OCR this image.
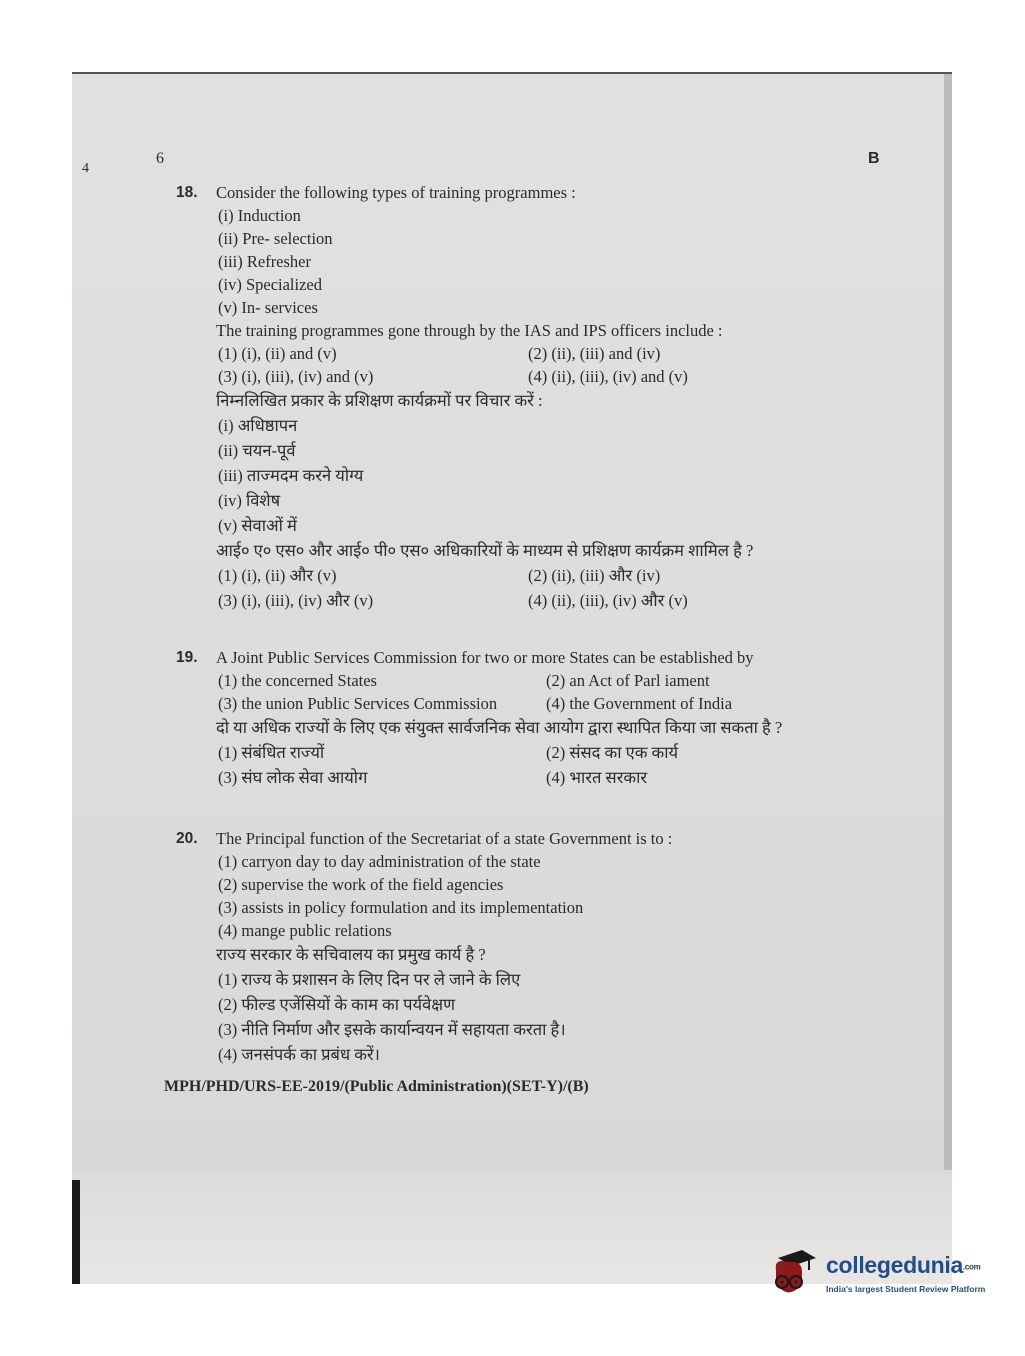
4
6	B
18. Consider the following types of training programmes :
(i) Induction
(ii) Pre- selection
(iii) Refresher
(iv) Specialized
(v) In- services
The training programmes gone through by the IAS and IPS officers include :
(1) (i), (ii) and (v)	(2) (ii), (iii) and (iv)
(3) (i), (iii), (iv) and (v)	(4) (ii), (iii), (iv) and (v)
निम्नलिखित प्रकार के प्रशिक्षण कार्यक्रमों पर विचार करें :
(i) अधिष्ठापन
(ii) चयन-पूर्व
(iii) ताज्मदम करने योग्य
(iv) विशेष
(v) सेवाओं में
आई० ए० एस० और आई० पी० एस० अधिकारियों के माध्यम से प्रशिक्षण कार्यक्रम शामिल है ?
(1) (i), (ii) और (v)	(2) (ii), (iii) और (iv)
(3) (i), (iii), (iv) और (v)	(4) (ii), (iii), (iv) और (v)
19. A Joint Public Services Commission for two or more States can be established by
(1) the concerned States	(2) an Act of Parl iament
(3) the union Public Services Commission	(4) the Government of India
दो या अधिक राज्यों के लिए एक संयुक्त सार्वजनिक सेवा आयोग द्वारा स्थापित किया जा सकता है ?
(1) संबंधित राज्यों	(2) संसद का एक कार्य
(3) संघ लोक सेवा आयोग	(4) भारत सरकार
20. The Principal function of the Secretariat of a state Government is to :
(1) carryon day to day administration of the state
(2) supervise the work of the field agencies
(3) assists in policy formulation and its implementation
(4) mange public relations
राज्य सरकार के सचिवालय का प्रमुख कार्य है ?
(1) राज्य के प्रशासन के लिए दिन पर ले जाने के लिए
(2) फील्ड एजेंसियों के काम का पर्यवेक्षण
(3) नीति निर्माण और इसके कार्यान्वयन में सहायता करता है।
(4) जनसंपर्क का प्रबंध करें।
MPH/PHD/URS-EE-2019/(Public Administration)(SET-Y)/(B)
collegedunia.com
India's largest Student Review Platform
